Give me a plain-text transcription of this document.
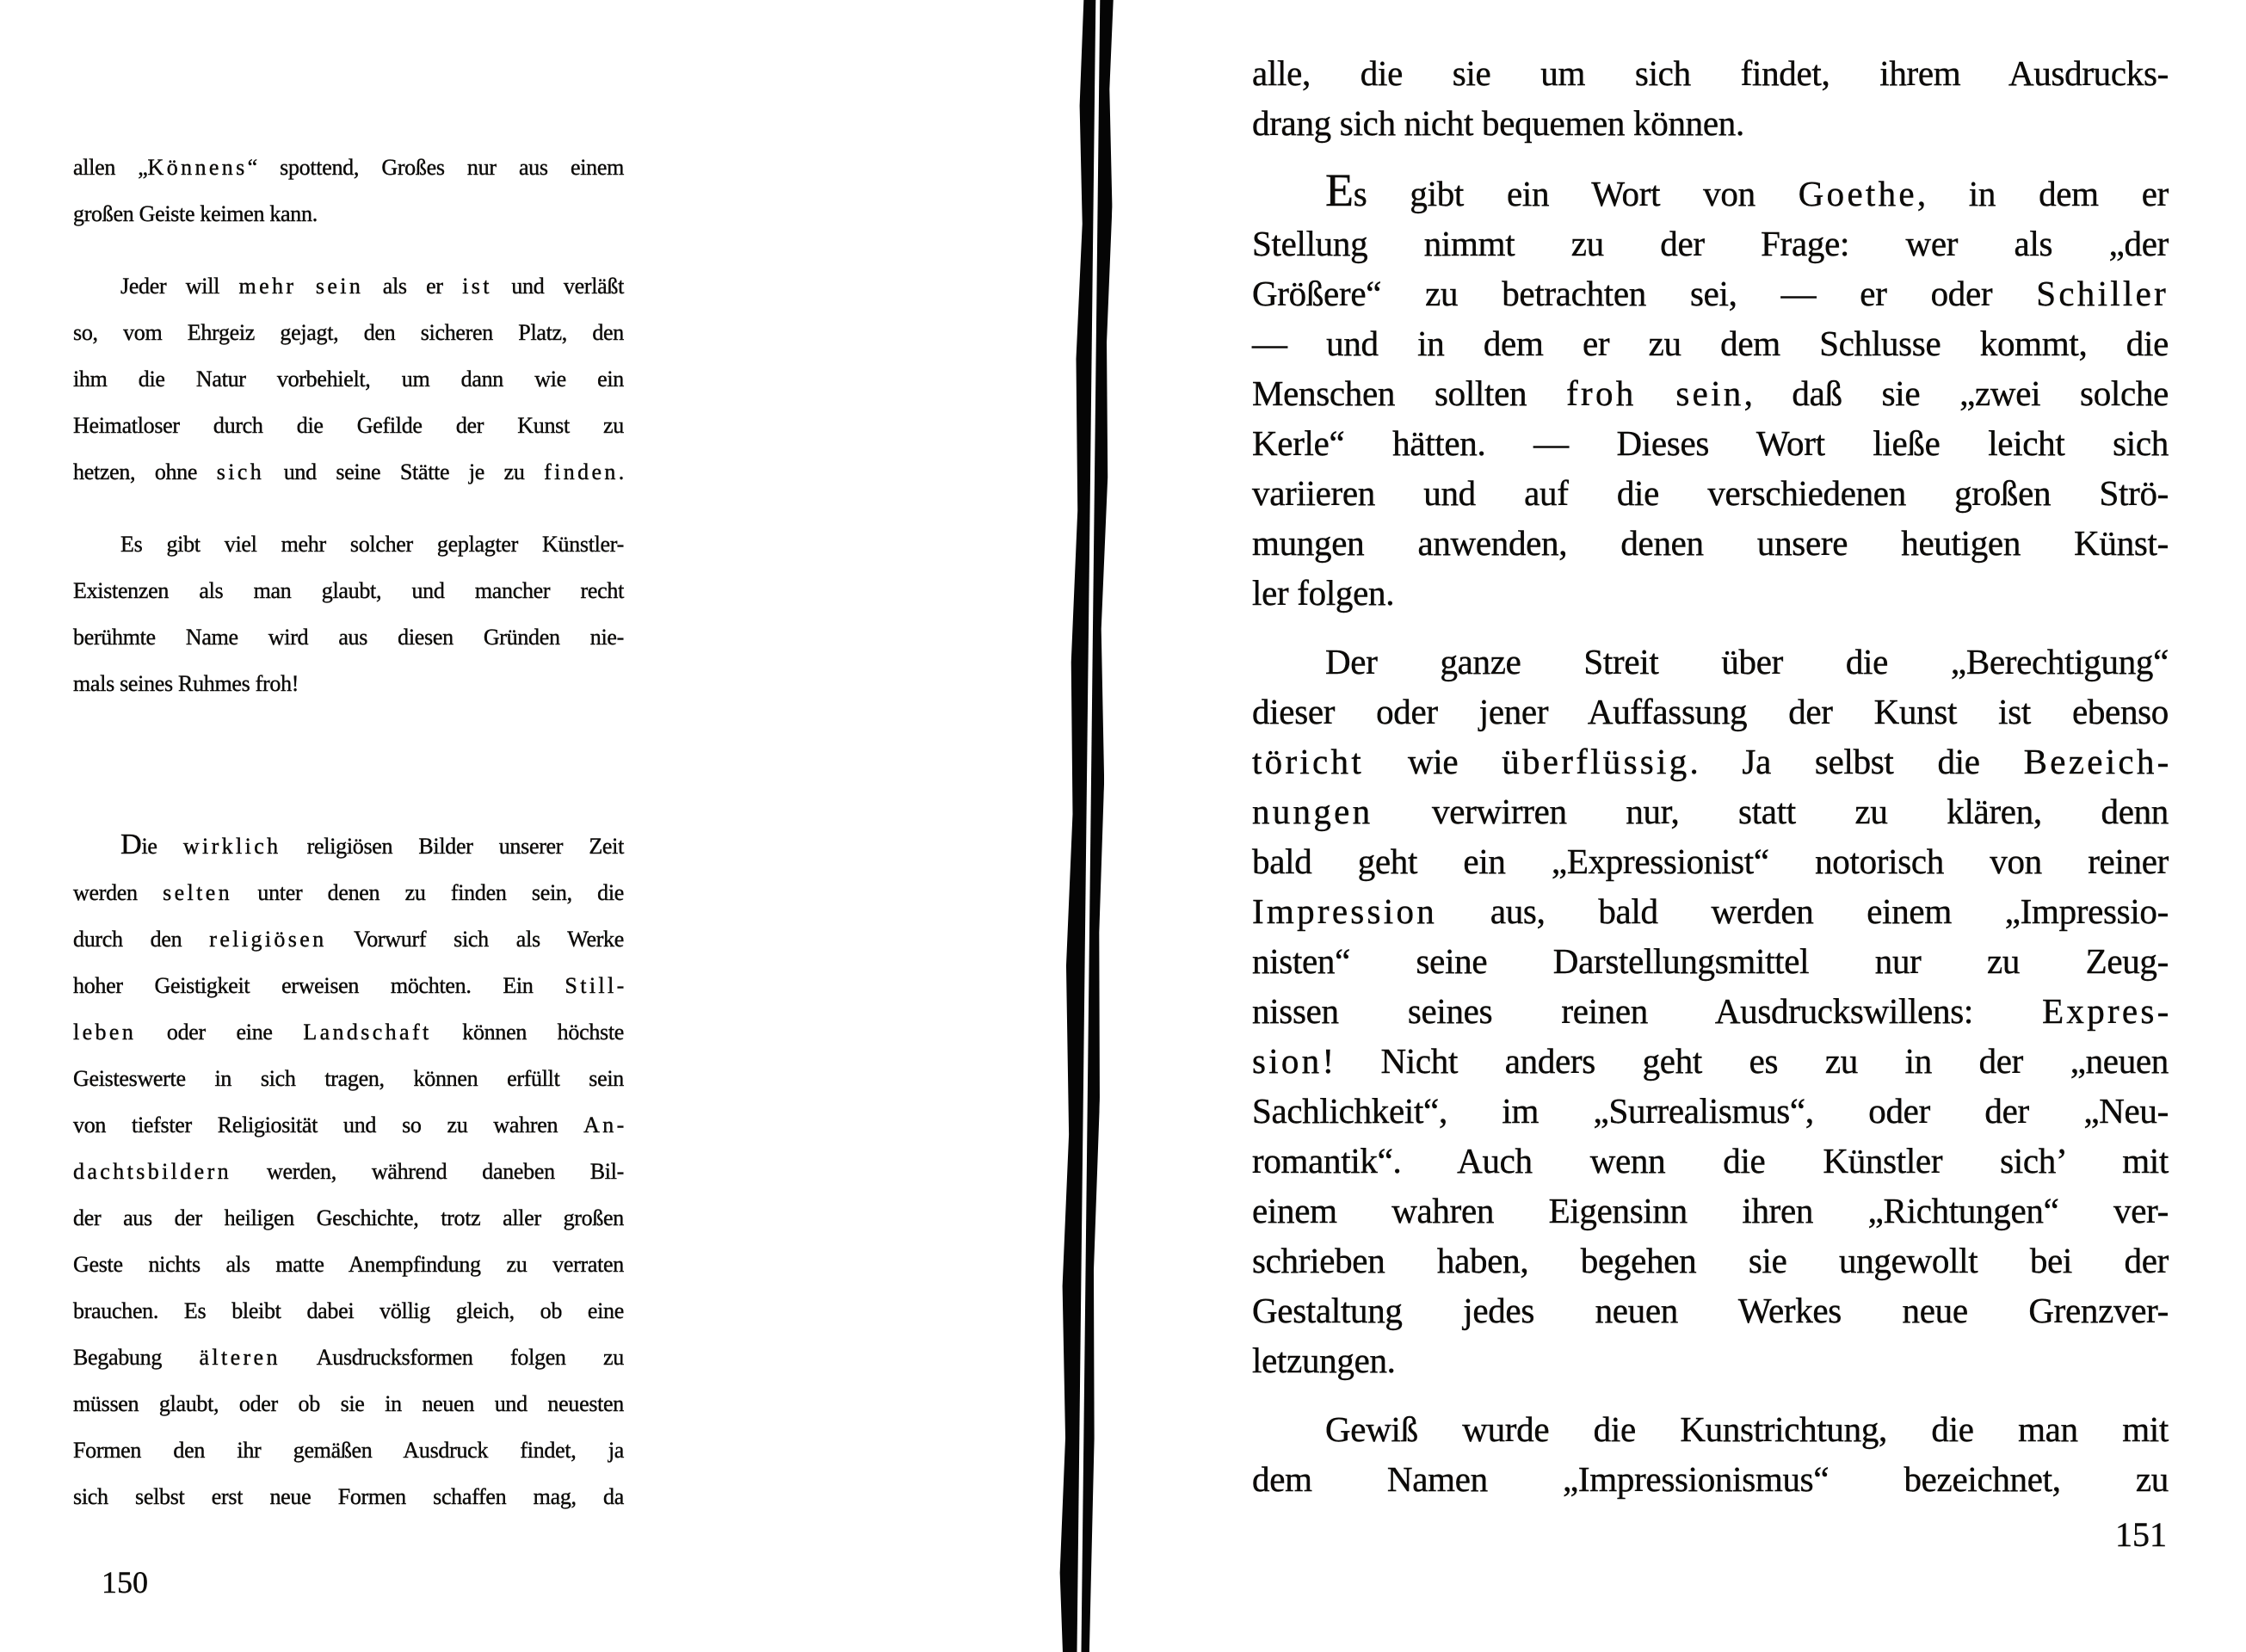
allen „Könnens“ spottend, Großes nur aus einem
großen Geiste keimen kann.
Jeder will mehr sein als er ist und verläßt
so, vom Ehrgeiz gejagt, den sicheren Platz, den
ihm die Natur vorbehielt, um dann wie ein
Heimatloser durch die Gefilde der Kunst zu
hetzen, ohne sich und seine Stätte je zu finden.
Es gibt viel mehr solcher geplagter Künstler-
Existenzen als man glaubt, und mancher recht
berühmte Name wird aus diesen Gründen nie-
mals seines Ruhmes froh!
Die wirklich religiösen Bilder unserer Zeit
werden selten unter denen zu finden sein, die
durch den religiösen Vorwurf sich als Werke
hoher Geistigkeit erweisen möchten. Ein Still-
leben oder eine Landschaft können höchste
Geisteswerte in sich tragen, können erfüllt sein
von tiefster Religiosität und so zu wahren An-
dachtsbildern werden, während daneben Bil-
der aus der heiligen Geschichte, trotz aller großen
Geste nichts als matte Anempfindung zu verraten
brauchen. Es bleibt dabei völlig gleich, ob eine
Begabung älteren Ausdrucksformen folgen zu
müssen glaubt, oder ob sie in neuen und neuesten
Formen den ihr gemäßen Ausdruck findet, ja
sich selbst erst neue Formen schaffen mag, da
alle, die sie um sich findet, ihrem Ausdrucks-
drang sich nicht bequemen können.
Es gibt ein Wort von Goethe, in dem er
Stellung nimmt zu der Frage: wer als „der
Größere“ zu betrachten sei, — er oder Schiller
— und in dem er zu dem Schlusse kommt, die
Menschen sollten froh sein, daß sie „zwei solche
Kerle“ hätten. — Dieses Wort ließe leicht sich
variieren und auf die verschiedenen großen Strö-
mungen anwenden, denen unsere heutigen Künst-
ler folgen.
Der ganze Streit über die „Berechtigung“
dieser oder jener Auffassung der Kunst ist ebenso
töricht wie überflüssig. Ja selbst die Bezeich-
nungen verwirren nur, statt zu klären, denn
bald geht ein „Expressionist“ notorisch von reiner
Impression aus, bald werden einem „Impressio-
nisten“ seine Darstellungsmittel nur zu Zeug-
nissen seines reinen Ausdruckswillens: Expres-
sion! Nicht anders geht es zu in der „neuen
Sachlichkeit“, im „Surrealismus“, oder der „Neu-
romantik“. Auch wenn die Künstler sich’ mit
einem wahren Eigensinn ihren „Richtungen“ ver-
schrieben haben, begehen sie ungewollt bei der
Gestaltung jedes neuen Werkes neue Grenzver-
letzungen.
Gewiß wurde die Kunstrichtung, die man mit
dem Namen „Impressionismus“ bezeichnet, zu
150
151
